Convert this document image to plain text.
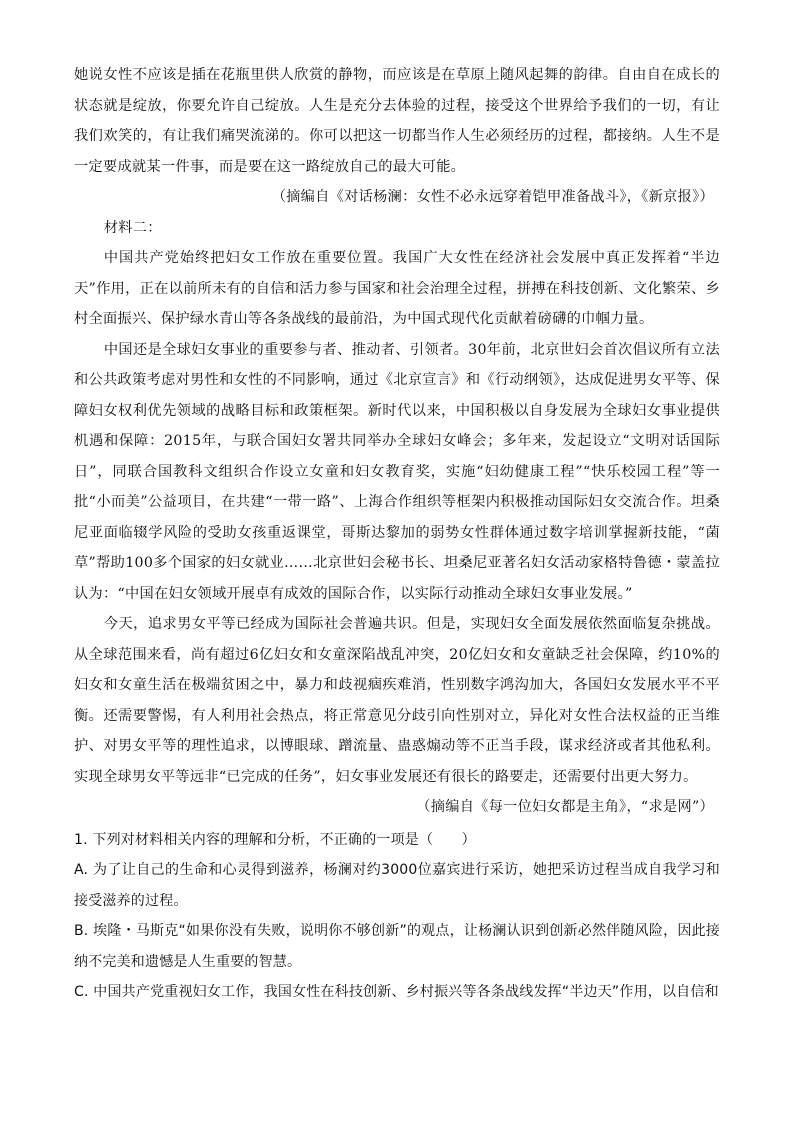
她说女性不应该是插在花瓶里供人欣赏的静物，而应该是在草原上随风起舞的韵律。自由自在成长的状态就是绽放，你要允许自己绽放。人生是充分去体验的过程，接受这个世界给予我们的一切，有让我们欢笑的，有让我们痛哭流涕的。你可以把这一切都当作人生必须经历的过程，都接纳。人生不是一定要成就某一件事，而是要在这一路绽放自己的最大可能。

（摘编自《对话杨澜：女性不必永远穿着铠甲准备战斗》，《新京报》）

材料二：

中国共产党始终把妇女工作放在重要位置。我国广大女性在经济社会发展中真正发挥着“半边天”作用，正在以前所未有的自信和活力参与国家和社会治理全过程，拼搏在科技创新、文化繁荣、乡村全面振兴、保护绿水青山等各条战线的最前沿，为中国式现代化贡献着磅礴的巾帼力量。

中国还是全球妇女事业的重要参与者、推动者、引领者。30年前，北京世妇会首次倡议所有立法和公共政策考虑对男性和女性的不同影响，通过《北京宣言》和《行动纲领》，达成促进男女平等、保障妇女权利优先领域的战略目标和政策框架。新时代以来，中国积极以自身发展为全球妇女事业提供机遇和保障：2015年，与联合国妇女署共同举办全球妇女峰会；多年来，发起设立“文明对话国际日”，同联合国教科文组织合作设立女童和妇女教育奖，实施“妇幼健康工程”“快乐校园工程”等一批“小而美”公益项目，在共建“一带一路”、上海合作组织等框架内积极推动国际妇女交流合作。坦桑尼亚面临辍学风险的受助女孩重返课堂，哥斯达黎加的弱势女性群体通过数字培训掌握新技能，“菌草”帮助100多个国家的妇女就业……北京世妇会秘书长、坦桑尼亚著名妇女活动家格特鲁德・蒙盖拉认为：“中国在妇女领域开展卓有成效的国际合作，以实际行动推动全球妇女事业发展。”

今天，追求男女平等已经成为国际社会普遍共识。但是，实现妇女全面发展依然面临复杂挑战。从全球范围来看，尚有超过6亿妇女和女童深陷战乱冲突，20亿妇女和女童缺乏社会保障，约10%的妇女和女童生活在极端贫困之中，暴力和歧视痼疾难消，性别数字鸿沟加大，各国妇女发展水平不平衡。还需要警惕，有人利用社会热点，将正常意见分歧引向性别对立，异化对女性合法权益的正当维护、对男女平等的理性追求，以博眼球、蹭流量、蛊惑煽动等不正当手段，谋求经济或者其他私利。实现全球男女平等远非“已完成的任务”，妇女事业发展还有很长的路要走，还需要付出更大努力。

（摘编自《每一位妇女都是主角》，“求是网”）

1. 下列对材料相关内容的理解和分析，不正确的一项是（　　）

A. 为了让自己的生命和心灵得到滋养，杨澜对约3000位嘉宾进行采访，她把采访过程当成自我学习和接受滋养的过程。

B. 埃隆・马斯克“如果你没有失败，说明你不够创新”的观点，让杨澜认识到创新必然伴随风险，因此接纳不完美和遗憾是人生重要的智慧。

C. 中国共产党重视妇女工作，我国女性在科技创新、乡村振兴等各条战线发挥“半边天”作用，以自信和
